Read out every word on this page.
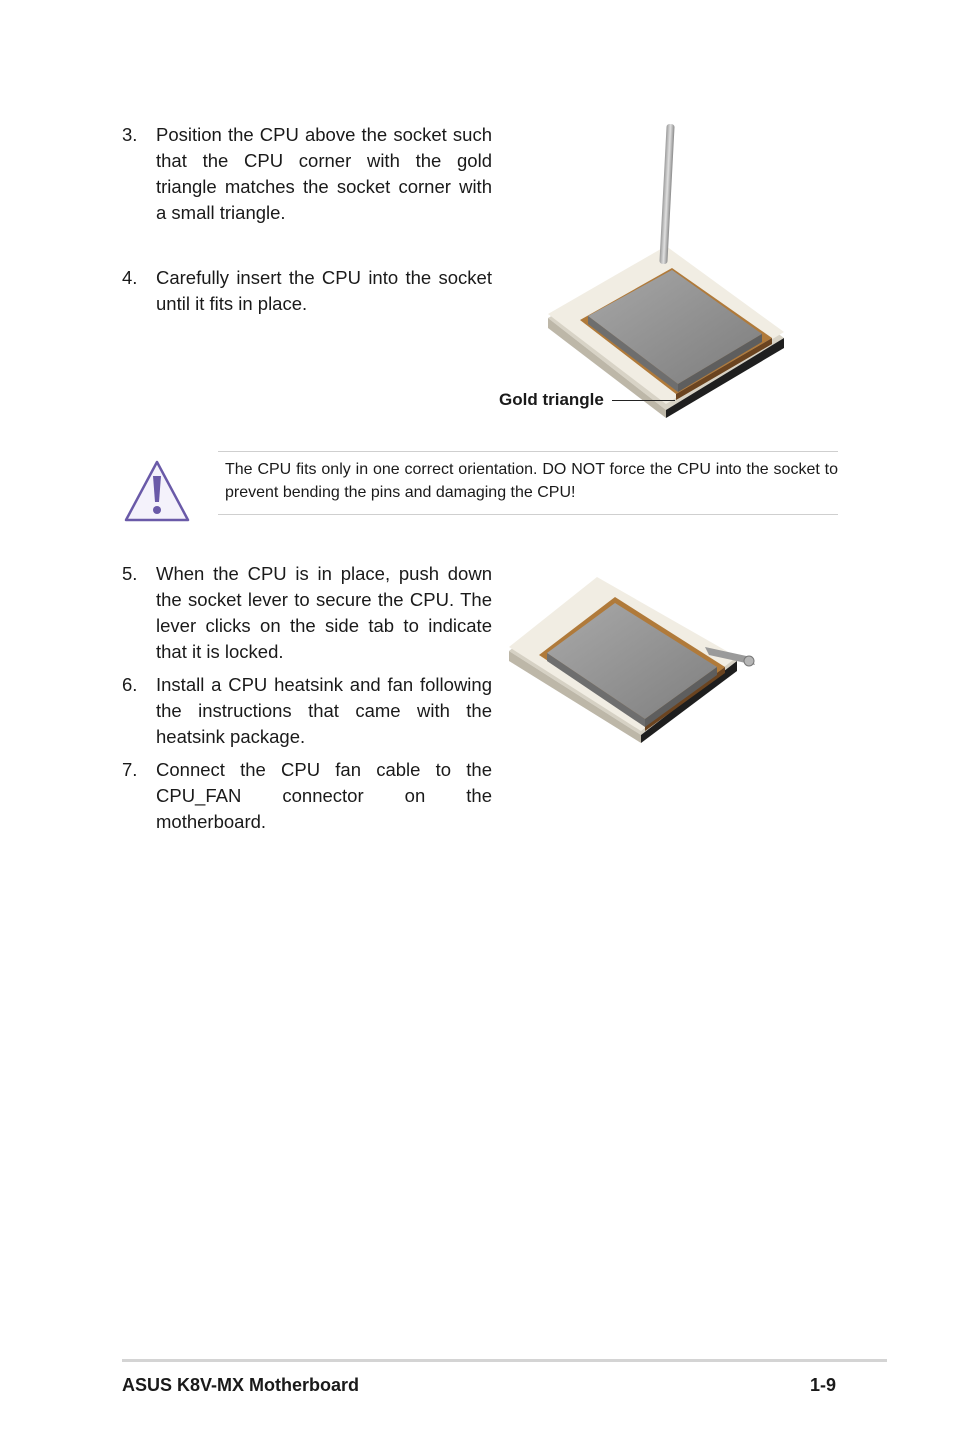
3. Position the CPU above the socket such that the CPU corner with the gold triangle matches the socket corner with a small triangle.
4. Carefully insert the CPU into the socket until it fits in place.
Gold triangle
The CPU fits only in one correct orientation. DO NOT force the CPU into the socket to prevent bending the pins and damaging the CPU!
5. When the CPU is in place, push down the socket lever to secure the CPU. The lever clicks on the side tab to indicate that it is locked.
6. Install a CPU heatsink and fan following the instructions that came with the heatsink package.
7. Connect the CPU fan cable to the CPU_FAN connector on the motherboard.
ASUS K8V-MX Motherboard	1-9
